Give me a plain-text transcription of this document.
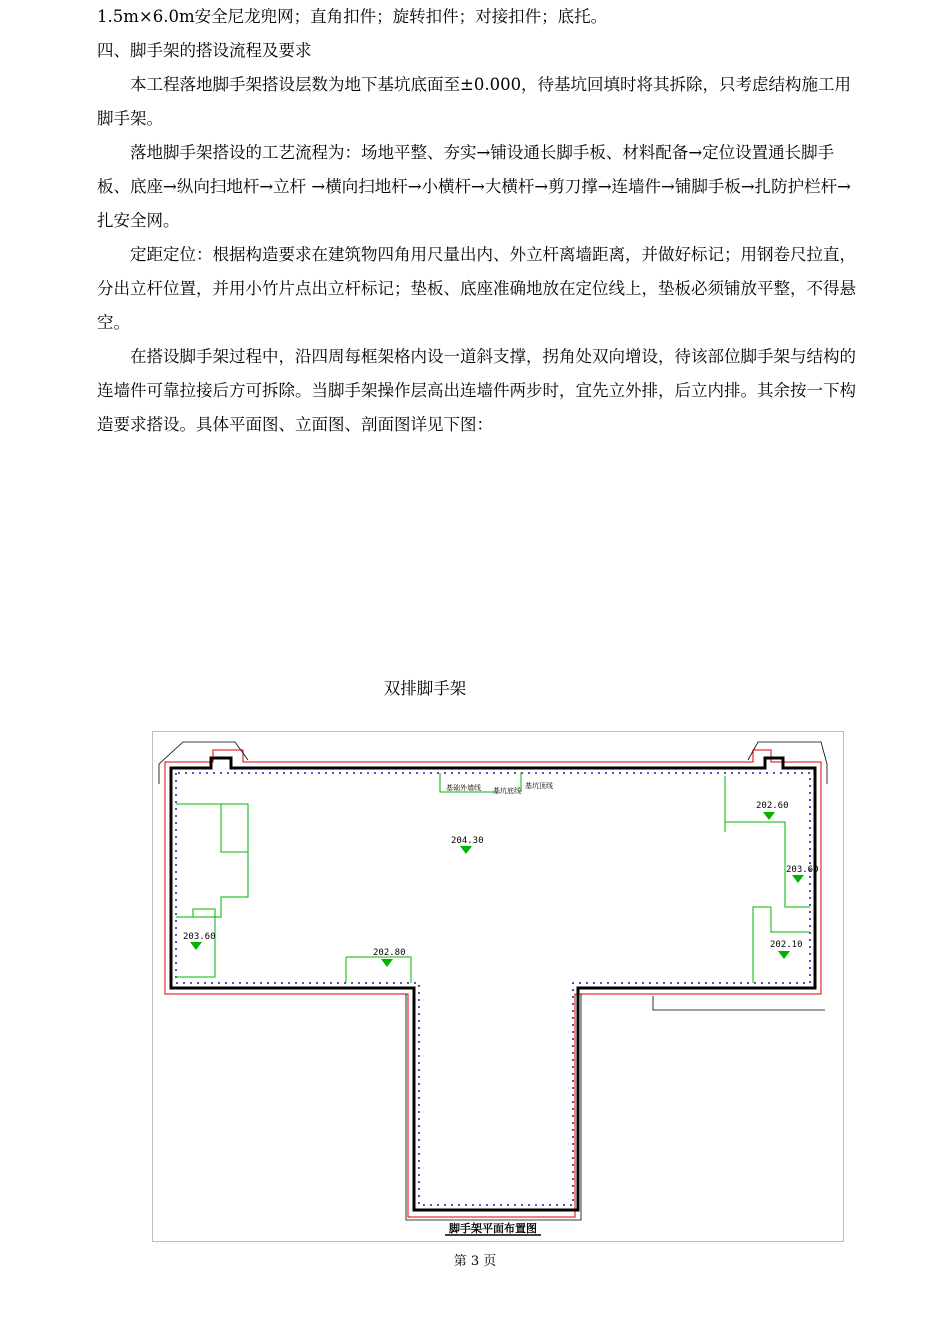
1.5m×6.0m安全尼龙兜网；直角扣件；旋转扣件；对接扣件；底托。

四、脚手架的搭设流程及要求

本工程落地脚手架搭设层数为地下基坑底面至±0.000，待基坑回填时将其拆除，只考虑结构施工用脚手架。

落地脚手架搭设的工艺流程为：场地平整、夯实→铺设通长脚手板、材料配备→定位设置通长脚手板、底座→纵向扫地杆→立杆 →横向扫地杆→小横杆→大横杆→剪刀撑→连墙件→铺脚手板→扎防护栏杆→扎安全网。

定距定位：根据构造要求在建筑物四角用尺量出内、外立杆离墙距离，并做好标记；用钢卷尺拉直，分出立杆位置，并用小竹片点出立杆标记；垫板、底座准确地放在定位线上，垫板必须铺放平整，不得悬空。

在搭设脚手架过程中，沿四周每框架格内设一道斜支撑，拐角处双向增设，待该部位脚手架与结构的连墙件可靠拉接后方可拆除。当脚手架操作层高出连墙件两步时，宜先立外排，后立内排。其余按一下构造要求搭设。具体平面图、立面图、剖面图详见下图：

双排脚手架
204.30
202.60
203.60
202.10
203.60
202.80
基础外墙线 基坑底线
基坑顶线
脚手架平面布置图
第 3 页
